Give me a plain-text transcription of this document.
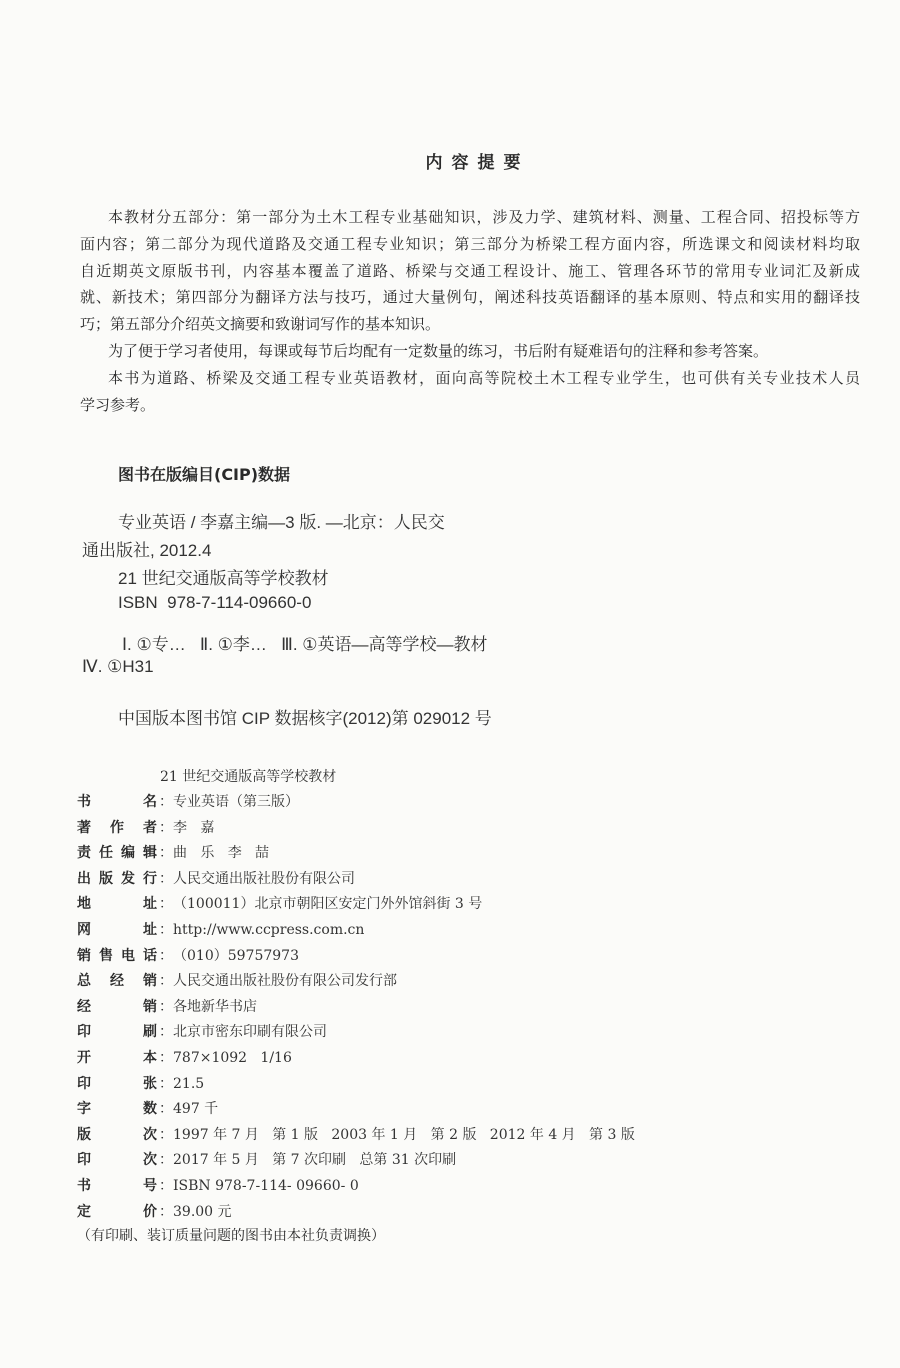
内容提要
本教材分五部分：第一部分为土木工程专业基础知识，涉及力学、建筑材料、测量、工程合同、招投标等方
面内容；第二部分为现代道路及交通工程专业知识；第三部分为桥梁工程方面内容，所选课文和阅读材料均取
自近期英文原版书刊，内容基本覆盖了道路、桥梁与交通工程设计、施工、管理各环节的常用专业词汇及新成
就、新技术；第四部分为翻译方法与技巧，通过大量例句，阐述科技英语翻译的基本原则、特点和实用的翻译技
巧；第五部分介绍英文摘要和致谢词写作的基本知识。
为了便于学习者使用，每课或每节后均配有一定数量的练习，书后附有疑难语句的注释和参考答案。
本书为道路、桥梁及交通工程专业英语教材，面向高等院校土木工程专业学生，也可供有关专业技术人员
学习参考。
图书在版编目(CIP)数据
专业英语 / 李嘉主编—3 版. —北京：人民交
通出版社, 2012.4
21 世纪交通版高等学校教材
ISBN  978-7-114-09660-0
Ⅰ. ①专…   Ⅱ. ①李…   Ⅲ. ①英语—高等学校—教材
Ⅳ. ①H31
中国版本图书馆 CIP 数据核字(2012)第 029012 号
21 世纪交通版高等学校教材
书名 ： 专业英语（第三版）
著作者 ： 李   嘉
责任编辑 ： 曲   乐   李   喆
出版发行 ： 人民交通出版社股份有限公司
地址 ： （100011）北京市朝阳区安定门外外馆斜街 3 号
网址 ： http://www.ccpress.com.cn
销售电话 ： （010）59757973
总经销 ： 人民交通出版社股份有限公司发行部
经销 ： 各地新华书店
印刷 ： 北京市密东印刷有限公司
开本 ： 787×1092   1/16
印张 ： 21.5
字数 ： 497 千
版次 ： 1997 年 7 月   第 1 版   2003 年 1 月   第 2 版   2012 年 4 月   第 3 版
印次 ： 2017 年 5 月   第 7 次印刷   总第 31 次印刷
书号 ： ISBN 978-7-114- 09660- 0
定价 ： 39.00 元
（有印刷、装订质量问题的图书由本社负责调换）
